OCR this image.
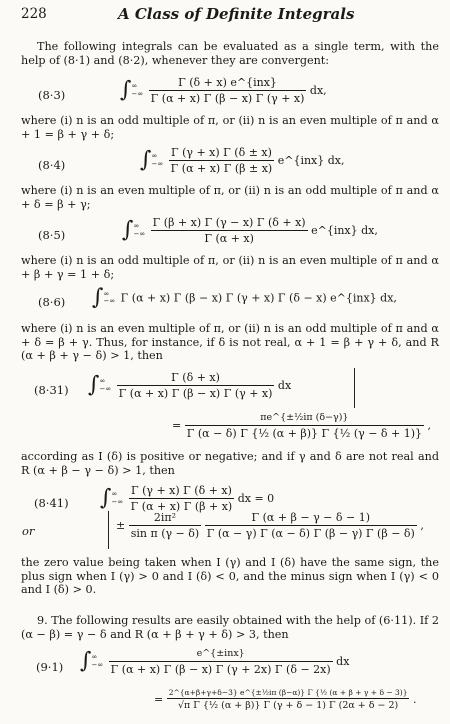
228	A Class of Definite Integrals
The following integrals can be evaluated as a single term, with the help of (8·1) and (8·2), whenever they are convergent:
(8·3) ∫ ∞
−∞
$\frac{\text{Γ (δ + x) e\textasciicircum{}\{inx\}}}{\Gamma (\alpha + x) \Gamma (\beta - x) \Gamma (\gamma + x)}$ dx,
where (i) n is an odd multiple of π, or (ii) n is an even multiple of π and α + 1 = β + γ + δ;
(8·4)	∫ ∞
−∞
$\frac{\Gamma (\gamma + x) \Gamma (\delta \pm x)}{\Gamma (\alpha + x) \Gamma (\beta \pm x)}$ e^{inx} dx,
where (i) n is an even multiple of π, or (ii) n is an odd multiple of π and α + δ = β + γ;
(8·5)	∫ ∞
−∞
$\frac{\Gamma (\beta + x) \Gamma (\gamma - x) \Gamma (\delta + x)}{\Gamma (\alpha + x)}$ e^{inx} dx,
where (i) n is an odd multiple of π, or (ii) n is an even multiple of π and α + β + γ = 1 + δ;
(8·6) ∫ ∞
−∞ Γ (α + x) Γ (β − x) Γ (γ + x) Γ (δ − x) e^{inx} dx,
where (i) n is an even multiple of π, or (ii) n is an odd multiple of π and α + δ = β + γ. Thus, for instance, if δ is not real, α + 1 = β + γ + δ, and R (α + β + γ − δ) > 1, then
(8·31) ∫ ∞
−∞
$\frac{\Gamma (\delta + x)}{\Gamma (\alpha + x) \Gamma (\beta - x) \Gamma (\gamma + x)}$ dx
= $\frac{\text{πe\textasciicircum{}\{±½iπ (δ−γ)\}}}{\text{Γ (α − δ) Γ \{½ (α + β)\} Γ \{½ (γ − δ + 1)\}}}$ ,
according as I (δ) is positive or negative; and if γ and δ are not real and R (α + β − γ − δ) > 1, then
(8·41) ∫ ∞
−∞
$\frac{\Gamma (\gamma + x) \Gamma (\delta + x)}{\Gamma (\alpha + x) \Gamma (\beta + x)}$ dx = 0
or	± $\frac{\text{2iπ²}}{\text{sin π (γ − δ)}}$
$\frac{\Gamma (\alpha + \beta - \gamma - \delta - 1)}{\Gamma (\alpha - \gamma) \Gamma (\alpha - \delta) \Gamma (\beta - \gamma) \Gamma (\beta - \delta)}$ ,
the zero value being taken when I (γ) and I (δ) have the same sign, the plus sign when I (γ) > 0 and I (δ) < 0, and the minus sign when I (γ) < 0 and I (δ) > 0.
9. The following results are easily obtained with the help of (6·11). If 2 (α − β) = γ − δ and R (α + β + γ + δ) > 3, then
(9·1) ∫ ∞
−∞
$\frac{\text{e\textasciicircum{}\{±inx\}}}{\Gamma (\alpha + x) \Gamma (\beta - x) \Gamma (\gamma + 2x) \Gamma (\delta - 2x)}$ dx
= $\frac{\text{2\textasciicircum{}\{α+β+γ+δ−3\} e\textasciicircum{}\{±½iπ (β−α)\} Γ \{½ (α + β + γ + δ − 3)\}}}{\text{√π Γ \{½ (α + β)\} Γ (γ + δ − 1) Γ (2α + δ − 2)}}$ .
